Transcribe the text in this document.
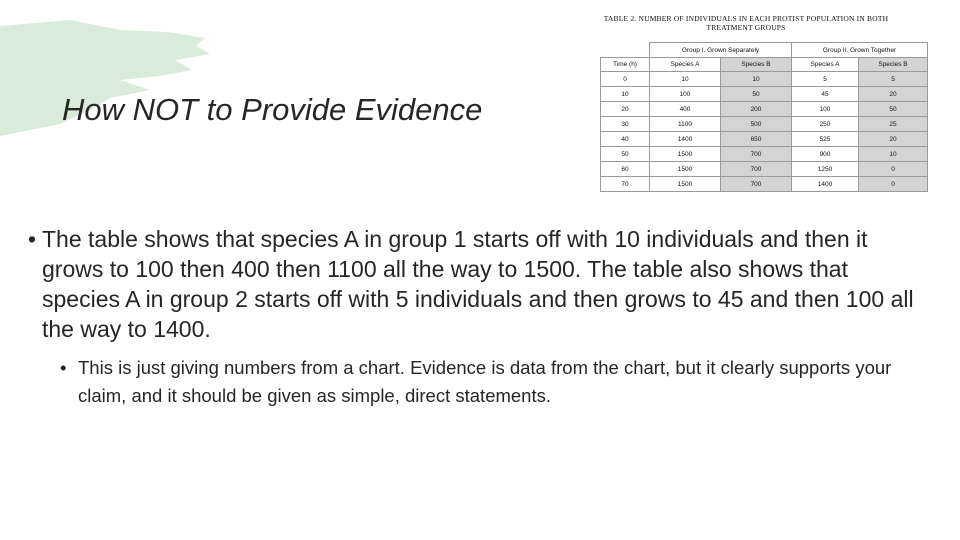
How NOT to Provide Evidence
TABLE 2. NUMBER OF INDIVIDUALS IN EACH PROTIST POPULATION IN BOTH
TREATMENT GROUPS
	Group I. Grown Separately		Group II. Grown Together	
Time (h)	Species A	Species B	Species A	Species B
0	10	10	5	5
10	100	50	45	20
20	400	200	100	50
30	1100	500	250	25
40	1400	650	525	20
50	1500	700	900	10
60	1500	700	1250	0
70	1500	700	1400	0
• The table shows that species A in group 1 starts off with 10 individuals and then it grows to 100 then 400 then 1100 all the way to 1500. The table also shows that species A in group 2 starts off with 5 individuals and then grows to 45 and then 100 all the way to 1400.
• This is just giving numbers from a chart. Evidence is data from the chart, but it clearly supports your claim, and it should be given as simple, direct statements.
